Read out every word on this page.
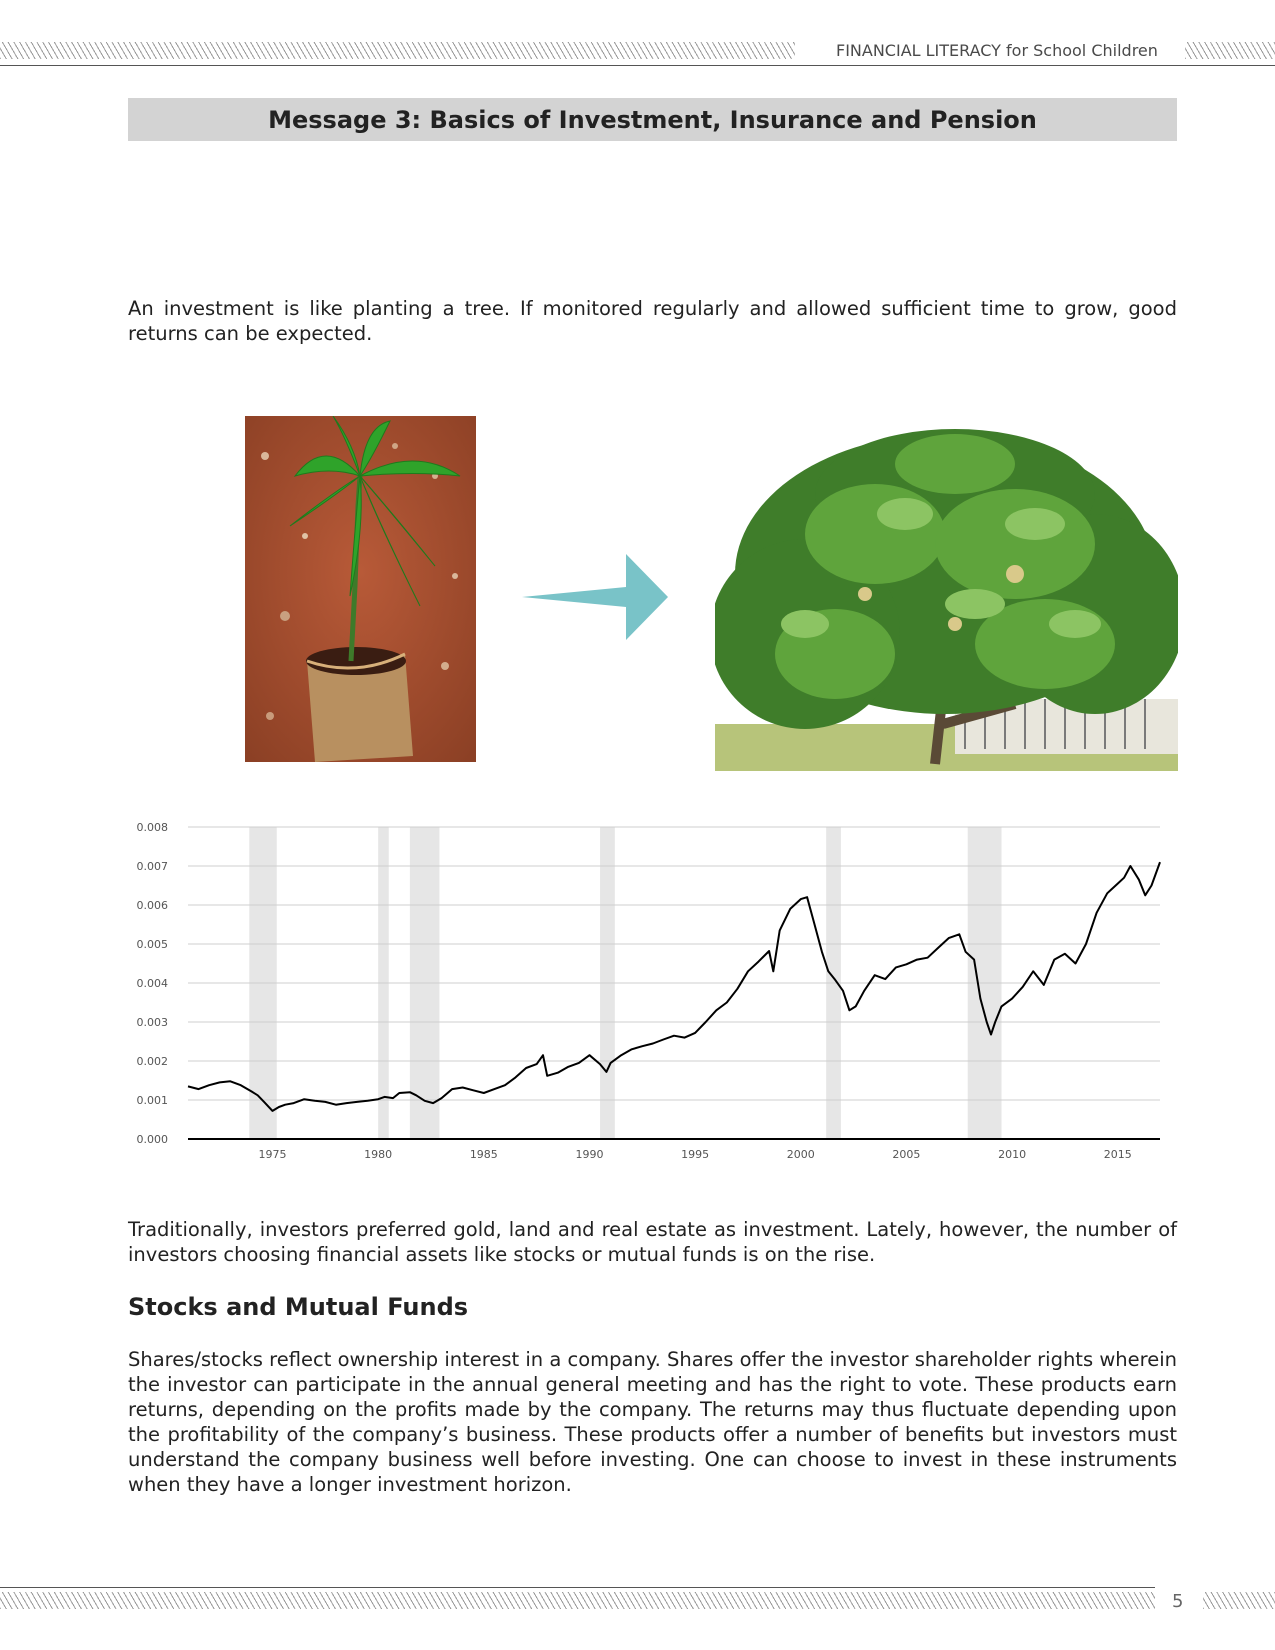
FINANCIAL LITERACY for School Children
Message 3: Basics of Investment, Insurance and Pension

An investment is like planting a tree. If monitored regularly and allowed sufficient time to grow, good returns can be expected.

0.000
0.001
0.002
0.003
0.004
0.005
0.006
0.007
0.008
1975	1980	1985	1990	1995	2000	2005	2010	2015

Traditionally, investors preferred gold, land and real estate as investment. Lately, however, the number of investors choosing financial assets like stocks or mutual funds is on the rise.

Stocks and Mutual Funds

Shares/stocks reflect ownership interest in a company. Shares offer the investor shareholder rights wherein the investor can participate in the annual general meeting and has the right to vote. These products earn returns, depending on the profits made by the company. The returns may thus fluctuate depending upon the profitability of the company’s business. These products offer a number of benefits but investors must understand the company business well before investing. One can choose to invest in these instruments when they have a longer investment horizon.

5
